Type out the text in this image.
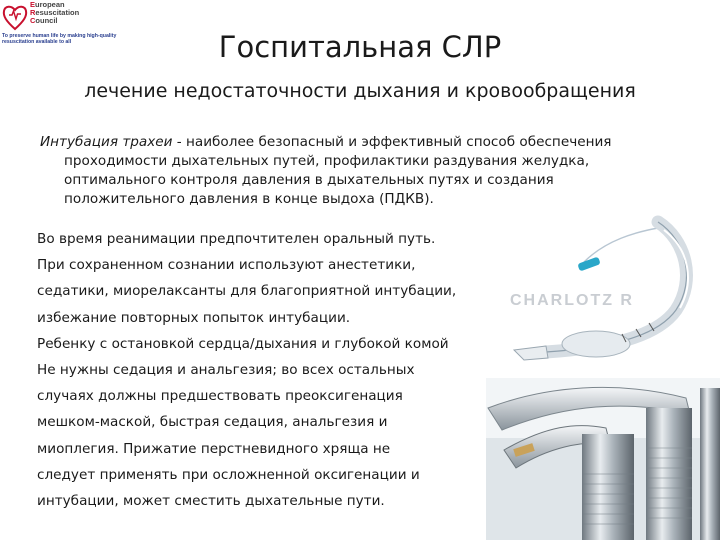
European
Resuscitation
Council
To preserve human life by making high-quality resuscitation available to all	Госпитальная СЛР
лечение недостаточности дыхания и кровообращения
Интубация трахеи - наиболее безопасный и эффективный способ обеспечения
проходимости дыхательных путей, профилактики раздувания желудка,
оптимального контроля давления в дыхательных путях и создания
положительного давления в конце выдоха (ПДКВ).
Во время реанимации предпочтителен оральный путь.
При сохраненном сознании используют анестетики,
седатики, миорелаксанты для благоприятной интубации,
избежание повторных попыток интубации.
Ребенку с остановкой сердца/дыхания и глубокой комой
Не нужны седация и анальгезия; во всех остальных
случаях должны предшествовать преоксигенация
мешком-маской, быстрая седация, анальгезия и
миоплегия. Прижатие перстневидного хряща не
следует применять при осложненной оксигенации и
интубации, может сместить дыхательные пути.
CHARLOTZ R
